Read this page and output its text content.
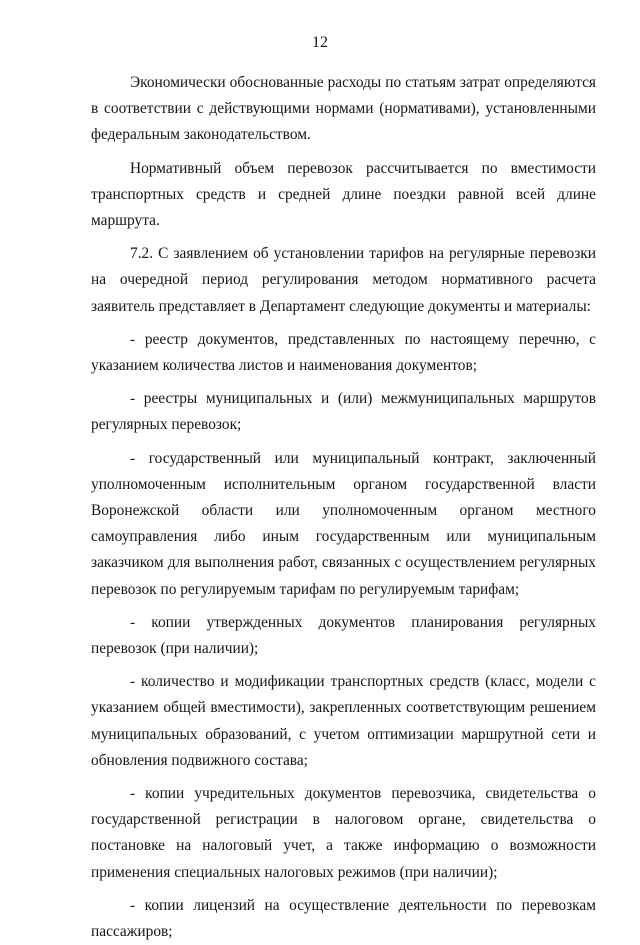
12

Экономически обоснованные расходы по статьям затрат определяются в соответствии с действующими нормами (нормативами), установленными федеральным законодательством.

Нормативный объем перевозок рассчитывается по вместимости транспортных средств и средней длине поездки равной всей длине маршрута.

7.2. С заявлением об установлении тарифов на регулярные перевозки на очередной период регулирования методом нормативного расчета заявитель представляет в Департамент следующие документы и материалы:

- реестр документов, представленных по настоящему перечню, с указанием количества листов и наименования документов;

- реестры муниципальных и (или) межмуниципальных маршрутов регулярных перевозок;

- государственный или муниципальный контракт, заключенный уполномоченным исполнительным органом государственной власти Воронежской области или уполномоченным органом местного самоуправления либо иным государственным или муниципальным заказчиком для выполнения работ, связанных с осуществлением регулярных перевозок по регулируемым тарифам по регулируемым тарифам;

- копии утвержденных документов планирования регулярных перевозок (при наличии);

- количество и модификации транспортных средств (класс, модели с указанием общей вместимости), закрепленных соответствующим решением муниципальных образований, с учетом оптимизации маршрутной сети и обновления подвижного состава;

- копии учредительных документов перевозчика, свидетельства о государственной регистрации в налоговом органе, свидетельства о постановке на налоговый учет, а также информацию о возможности применения специальных налоговых режимов (при наличии);

- копии лицензий на осуществление деятельности по перевозкам пассажиров;
